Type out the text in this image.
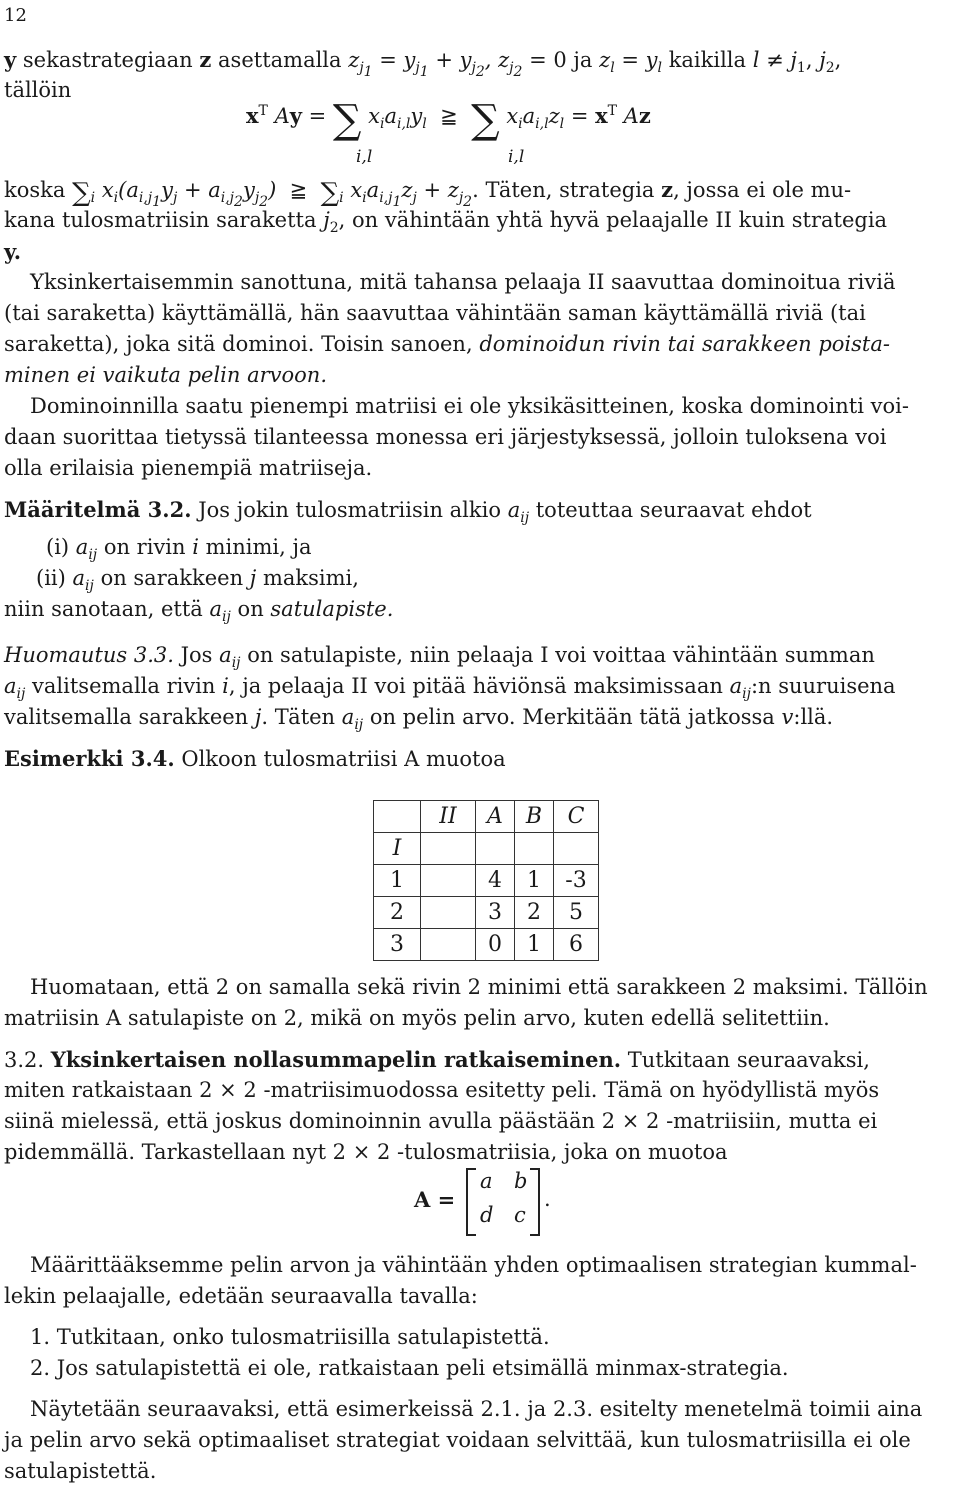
12
y sekastrategiaan z asettamalla $z_{j_1} = y_{j_1} + y_{j_2}$, $z_{j_2} = 0$ ja $z_l = y_l$ kaikilla $l \ne j_1$, $j_2$,
tällöin
$x^T$ Ay = ∑ $x_ia_{i,l}y_l$  ≧  ∑ $x_ia_{i,l}z_l = x^T$ Az
i,l	i,l
koska $\sum_i$ $x_i(a_{i,j_1}y_j + a_{i,j_2}y_{j_2})$  ≧  $\sum_i$ $x_ia_{i,j_1}z_j + z_{j_2}$. Täten, strategia z, jossa ei ole mu-
kana tulosmatriisin saraketta $j_2$, on vähintään yhtä hyvä pelaajalle II kuin strategia
y.
Yksinkertaisemmin sanottuna, mitä tahansa pelaaja II saavuttaa dominoitua riviä
(tai saraketta) käyttämällä, hän saavuttaa vähintään saman käyttämällä riviä (tai
saraketta), joka sitä dominoi. Toisin sanoen, dominoidun rivin tai sarakkeen poista-
minen ei vaikuta pelin arvoon.
Dominoinnilla saatu pienempi matriisi ei ole yksikäsitteinen, koska dominointi voi-
daan suorittaa tietyssä tilanteessa monessa eri järjestyksessä, jolloin tuloksena voi
olla erilaisia pienempiä matriiseja.
Määritelmä 3.2. Jos jokin tulosmatriisin alkio $a_{ij}$ toteuttaa seuraavat ehdot
(i) $a_{ij}$ on rivin i minimi, ja
(ii) $a_{ij}$ on sarakkeen j maksimi,
niin sanotaan, että $a_{ij}$ on satulapiste.
Huomautus 3.3. Jos $a_{ij}$ on satulapiste, niin pelaaja I voi voittaa vähintään summan
$a_{ij}$ valitsemalla rivin i, ja pelaaja II voi pitää häviönsä maksimissaan $a_{ij}:n$ suuruisena
valitsemalla sarakkeen j. Täten $a_{ij}$ on pelin arvo. Merkitään tätä jatkossa v:llä.
Esimerkki 3.4. Olkoon tulosmatriisi A muotoa
	II	A	B	C
I				
1		4	1	-3
2		3	2	5
3		0	1	6
Huomataan, että 2 on samalla sekä rivin 2 minimi että sarakkeen 2 maksimi. Tällöin
matriisin A satulapiste on 2, mikä on myös pelin arvo, kuten edellä selitettiin.
3.2. Yksinkertaisen nollasummapelin ratkaiseminen. Tutkitaan seuraavaksi,
miten ratkaistaan 2 × 2 -matriisimuodossa esitetty peli. Tämä on hyödyllistä myös
siinä mielessä, että joskus dominoinnin avulla päästään 2 × 2 -matriisiin, mutta ei
pidemmällä. Tarkastellaan nyt 2 × 2 -tulosmatriisia, joka on muotoa
A =
a b
d c
.
Määrittääksemme pelin arvon ja vähintään yhden optimaalisen strategian kummal-
lekin pelaajalle, edetään seuraavalla tavalla:
1. Tutkitaan, onko tulosmatriisilla satulapistettä.
2. Jos satulapistettä ei ole, ratkaistaan peli etsimällä minmax-strategia.
Näytetään seuraavaksi, että esimerkeissä 2.1. ja 2.3. esitelty menetelmä toimii aina
ja pelin arvo sekä optimaaliset strategiat voidaan selvittää, kun tulosmatriisilla ei ole
satulapistettä.
